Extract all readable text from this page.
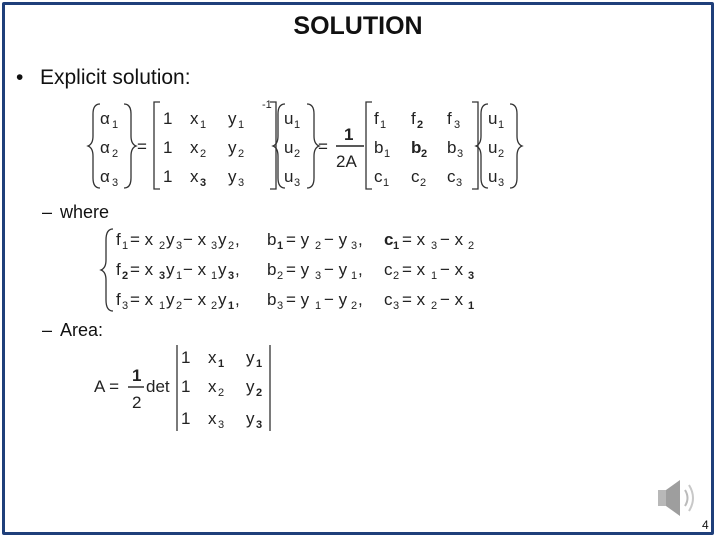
SOLUTION
• Explicit solution:
– where
– Area:
α 1
α 2
α 3
=
-1
1 x 1 y 1
1 x 2 y 2
1 x 3 y 3
u 1
u 2
u 3
=
1
2A
f 1 f 2 f 3
b 1 b 2 b 3
c 1 c 2 c 3
u 1
u 2
u 3
f 1 = x 2 y 3 − x 3 y 2 , b 1 = y 2 − y 3 , c 1 = x 3 − x 2
f 2 = x 3 y 1 − x 1 y 3 , b 2 = y 3 − y 1 , c 2 = x 1 − x 3
f 3 = x 1 y 2 − x 2 y 1 , b 3 = y 1 − y 2 , c 3 = x 2 − x 1
A =
1
2
det
1 x 1 y 1
1 x 2 y 2
1 x 3 y 3
4
